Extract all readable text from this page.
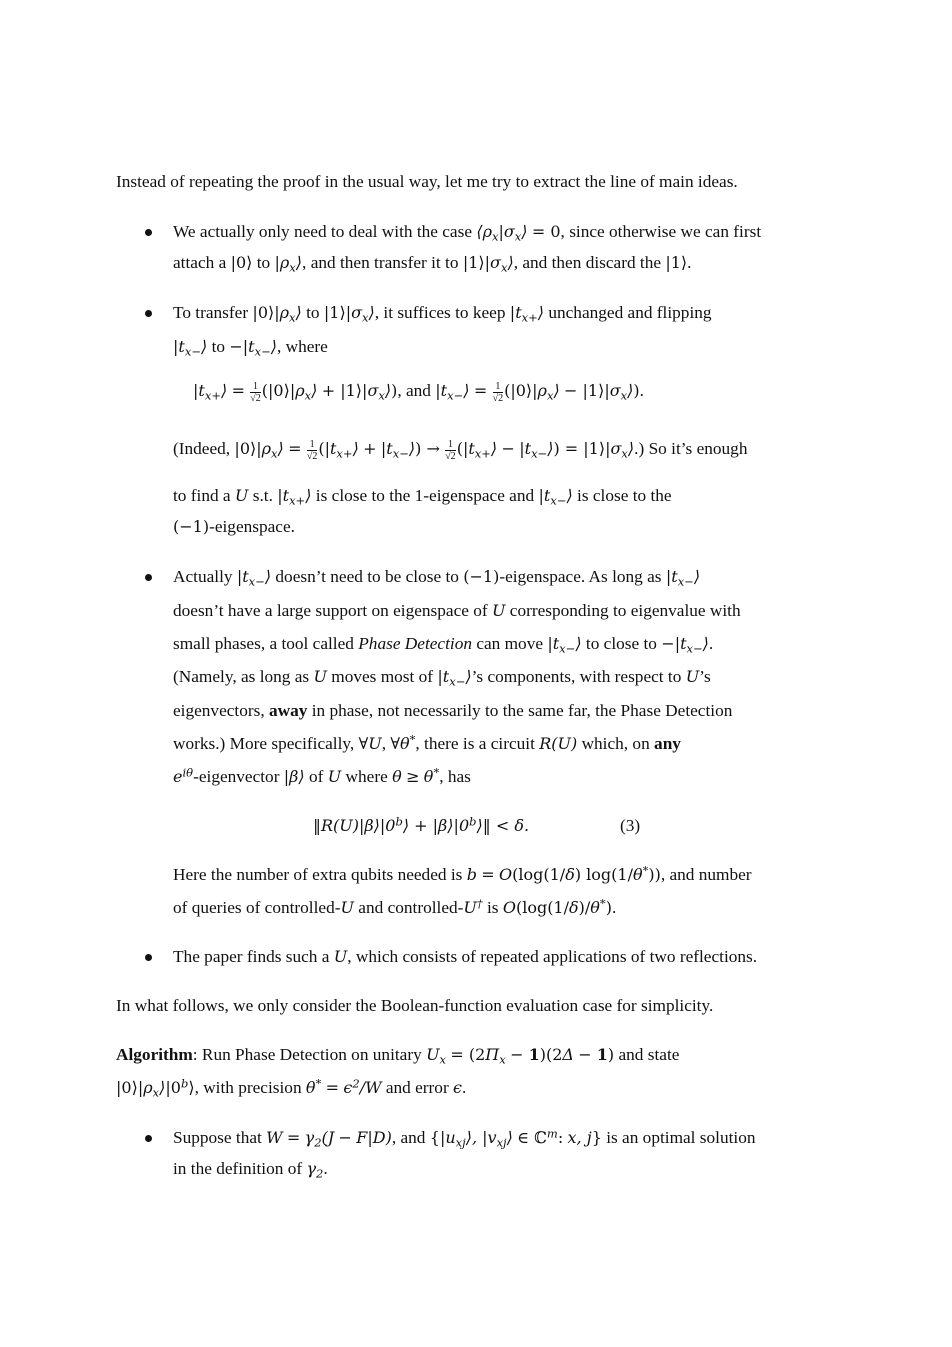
Instead of repeating the proof in the usual way, let me try to extract the line of main ideas.
We actually only need to deal with the case $⟨\rho_x|\sigma_x⟩ = 0$, since otherwise we can first
attach a |0⟩ to $|\rho_x⟩$, and then transfer it to $|1⟩|\sigma_x⟩$, and then discard the |1⟩.
To transfer $|0⟩|\rho_x⟩$ to $|1⟩|\sigma_x⟩$, it suffices to keep $|t_{x+}⟩$ unchanged and flipping
$|t_{x-}⟩$ to $-|t_{x-}⟩$, where
$|t_{x+}⟩ = \frac{1}{√2}$ ($|0⟩|\rho_x⟩$ + $|1⟩|\sigma_x⟩$), and $|t_{x-}⟩ = \frac{1}{√2}$ ($|0⟩|\rho_x⟩$ − $|1⟩|\sigma_x⟩$).
(Indeed, $|0⟩|\rho_x⟩ = \frac{1}{√2}$ ($|t_{x+}⟩$ + $|t_{x-}⟩) \to \frac{1}{√2}$ ($|t_{x+}⟩$ − $|t_{x-}⟩$) = $|1⟩|\sigma_x⟩$.) So it’s enough
to find a U s.t. $|t_{x+}⟩$ is close to the 1-eigenspace and $|t_{x-}⟩$ is close to the
(−1)-eigenspace.
Actually $|t_{x-}⟩$ doesn’t need to be close to (−1)-eigenspace. As long as $|t_{x-}⟩$
doesn’t have a large support on eigenspace of U corresponding to eigenvalue with
small phases, a tool called Phase Detection can move $|t_{x-}⟩$ to close to $-|t_{x-}⟩$.
(Namely, as long as U moves most of $|t_{x-}⟩’s$ components, with respect to U’s
eigenvectors, away in phase, not necessarily to the same far, the Phase Detection
works.) More specifically, ∀U, ∀θ*, there is a circuit R(U) which, on any
$e^{i\theta}$-eigenvector |β⟩ of U where θ ≥ θ*, has
$‖R(U)|\beta⟩|0^b⟩$ + $|\beta⟩|0^b⟩‖ < \delta$.	(3)
Here the number of extra qubits needed is b = O(log(1/δ) log(1/θ*)), and number
of queries of controlled-U and controlled-U† is O(log(1/δ)/θ*).
The paper finds such a U, which consists of repeated applications of two reflections.
In what follows, we only consider the Boolean-function evaluation case for simplicity.
Algorithm: Run Phase Detection on unitary $U_x = (2\Pi_x - 1)(2\Delta - 1)$ and state
$|0⟩|\rho_x⟩|0^b⟩$, with precision $\theta^* = \epsilon^2/W$ and error ϵ.
Suppose that $W = \gamma_2(J - F|D)$, and {$|u_{xj}⟩$, $|v_{xj}⟩$ ∈ ℂ$^m$: x, j} is an optimal solution
in the definition of $\gamma_2$.
